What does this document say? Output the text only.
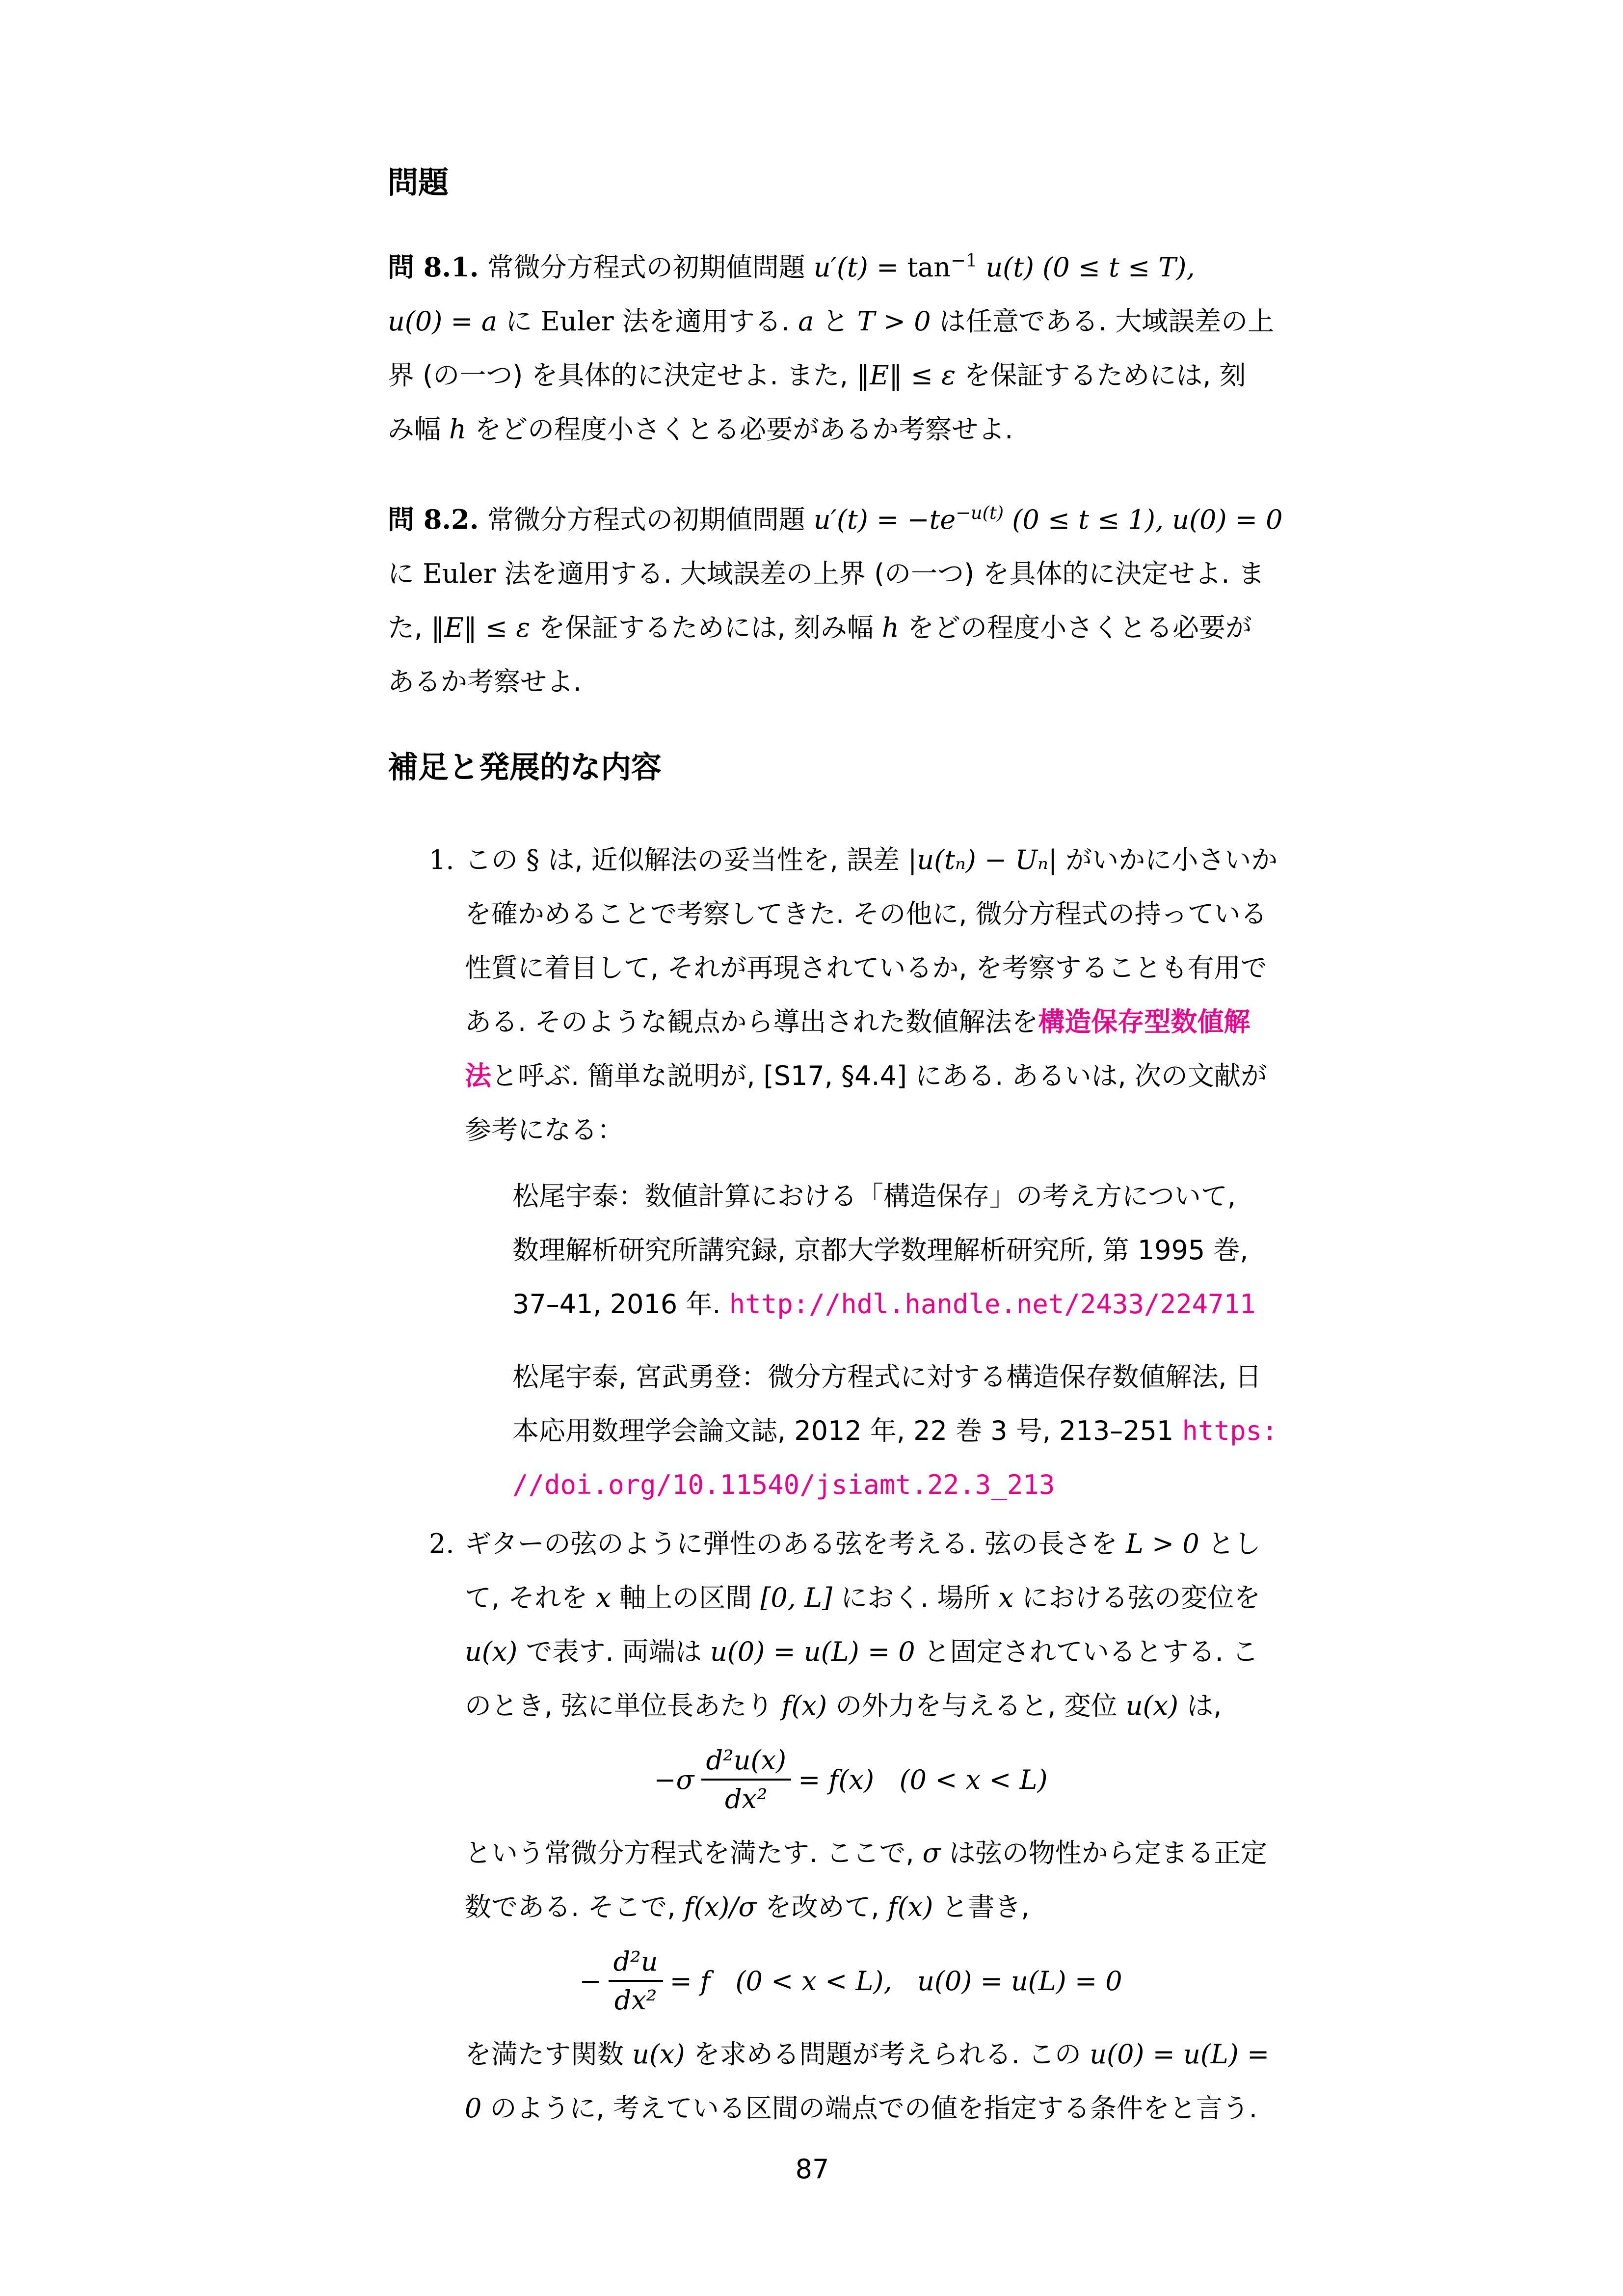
問題
問 8.1. 常微分方程式の初期値問題 $u'(t) = \tan^{-1} u(t) (0 \le t \le T)$,
u(0) = a に Euler 法を適用する. a と T > 0 は任意である. 大域誤差の上
界 (の一つ) を具体的に決定せよ. また, ‖E‖ ≤ ε を保証するためには, 刻
み幅 h をどの程度小さくとる必要があるか考察せよ.
問 8.2. 常微分方程式の初期値問題 $u'(t) = -te^{-u(t)}$ (0 ≤ t ≤ 1), u(0) = 0
に Euler 法を適用する. 大域誤差の上界 (の一つ) を具体的に決定せよ. ま
た, ‖E‖ ≤ ε を保証するためには, 刻み幅 h をどの程度小さくとる必要が
あるか考察せよ.
補足と発展的な内容
1. この § は, 近似解法の妥当性を, 誤差 |u(tₙ) − Uₙ| がいかに小さいか
を確かめることで考察してきた. その他に, 微分方程式の持っている
性質に着目して, それが再現されているか, を考察することも有用で
ある. そのような観点から導出された数値解法を構造保存型数値解
法と呼ぶ. 簡単な説明が, [S17, §4.4] にある. あるいは, 次の文献が
参考になる：
松尾宇泰：数値計算における「構造保存」の考え方について,
数理解析研究所講究録, 京都大学数理解析研究所, 第 1995 巻,
37–41, 2016 年. http://hdl.handle.net/2433/224711
松尾宇泰, 宮武勇登：微分方程式に対する構造保存数値解法, 日
本応用数理学会論文誌, 2012 年, 22 巻 3 号, 213–251 https:
//doi.org/10.11540/jsiamt.22.3_213
2. ギターの弦のように弾性のある弦を考える. 弦の長さを L > 0 とし
て, それを x 軸上の区間 [0, L] におく. 場所 x における弦の変位を
u(x) で表す. 両端は u(0) = u(L) = 0 と固定されているとする. こ
のとき, 弦に単位長あたり f(x) の外力を与えると, 変位 u(x) は,
$-\sigma \frac{\text{d²u(x)}}{\text{dx²}} = f(x) (0 < x < L)$
という常微分方程式を満たす. ここで, σ は弦の物性から定まる正定
数である. そこで, f(x)/σ を改めて, f(x) と書き,
− $\frac{\text{d²u}}{\text{dx²}} = f$   (0 < x < L),   u(0) = u(L) = 0
を満たす関数 u(x) を求める問題が考えられる. この u(0) = u(L) =
0 のように, 考えている区間の端点での値を指定する条件をと言う.
87
